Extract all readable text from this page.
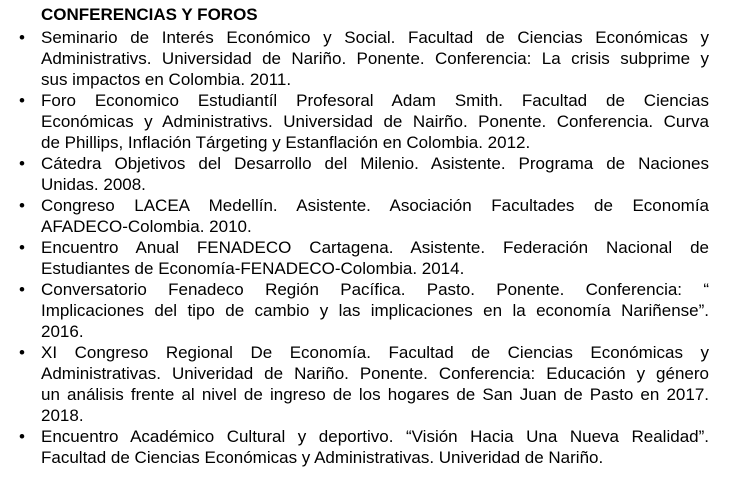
CONFERENCIAS Y FOROS
• Seminario de Interés Económico y Social. Facultad de Ciencias Económicas y
Administrativs. Universidad de Nariño. Ponente. Conferencia: La crisis subprime y
sus impactos en Colombia. 2011.
• Foro Economico Estudiantíl Profesoral Adam Smith. Facultad de Ciencias
Económicas y Administrativs. Universidad de Nairño. Ponente. Conferencia. Curva
de Phillips, Inflación Tárgeting y Estanflación en Colombia. 2012.
• Cátedra Objetivos del Desarrollo del Milenio. Asistente. Programa de Naciones
Unidas. 2008.
• Congreso LACEA Medellín. Asistente. Asociación Facultades de Economía
AFADECO-Colombia. 2010.
• Encuentro Anual FENADECO Cartagena. Asistente. Federación Nacional de
Estudiantes de Economía-FENADECO-Colombia. 2014.
• Conversatorio Fenadeco Región Pacífica. Pasto. Ponente. Conferencia: “
Implicaciones del tipo de cambio y las implicaciones en la economía Nariñense”.
2016.
• XI Congreso Regional De Economía. Facultad de Ciencias Económicas y
Administrativas. Univeridad de Nariño. Ponente. Conferencia: Educación y género
un análisis frente al nivel de ingreso de los hogares de San Juan de Pasto en 2017.
2018.
• Encuentro Académico Cultural y deportivo. “Visión Hacia Una Nueva Realidad”.
Facultad de Ciencias Económicas y Administrativas. Univeridad de Nariño.
